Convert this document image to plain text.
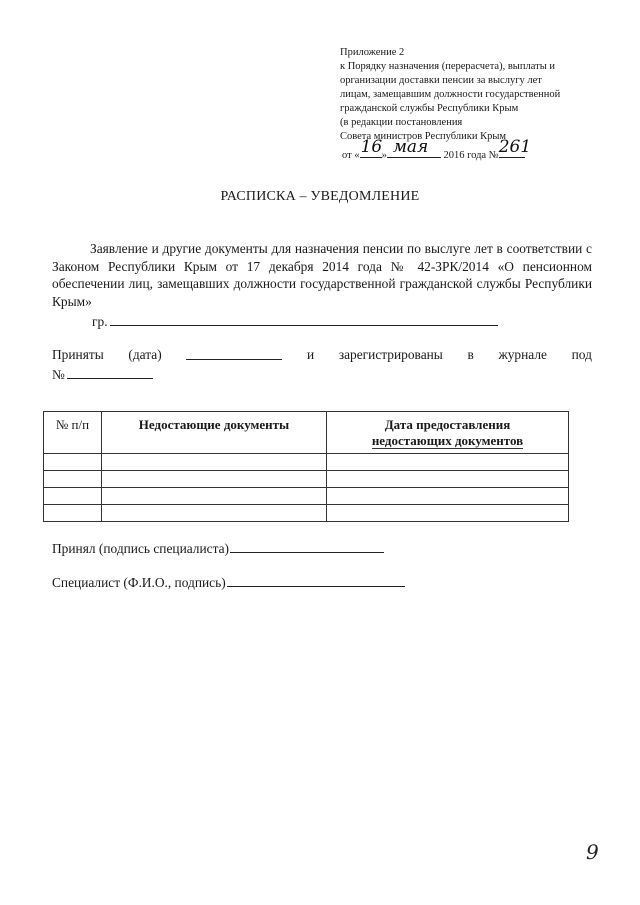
Приложение 2
к Порядку назначения (перерасчета), выплаты и
организации доставки пенсии за выслугу лет
лицам, замещавшим должности государственной
гражданской службы Республики Крым
(в редакции постановления
Совета министров Республики Крым
от « 16 » мая 2016 года № 261
РАСПИСКА – УВЕДОМЛЕНИЕ
Заявление и другие документы для назначения пенсии по выслуге лет в соответствии с Законом Республики Крым от 17 декабря 2014 года № 42-ЗРК/2014 «О пенсионном обеспечении лиц, замещавших должности государственной гражданской службы Республики Крым»
гр.
Приняты (дата)	и зарегистрированы в журнале под
№
№ п/п	Недостающие документы	Дата предоставления
недостающих документов

Принял (подпись специалиста)
Специалист (Ф.И.О., подпись)
9
